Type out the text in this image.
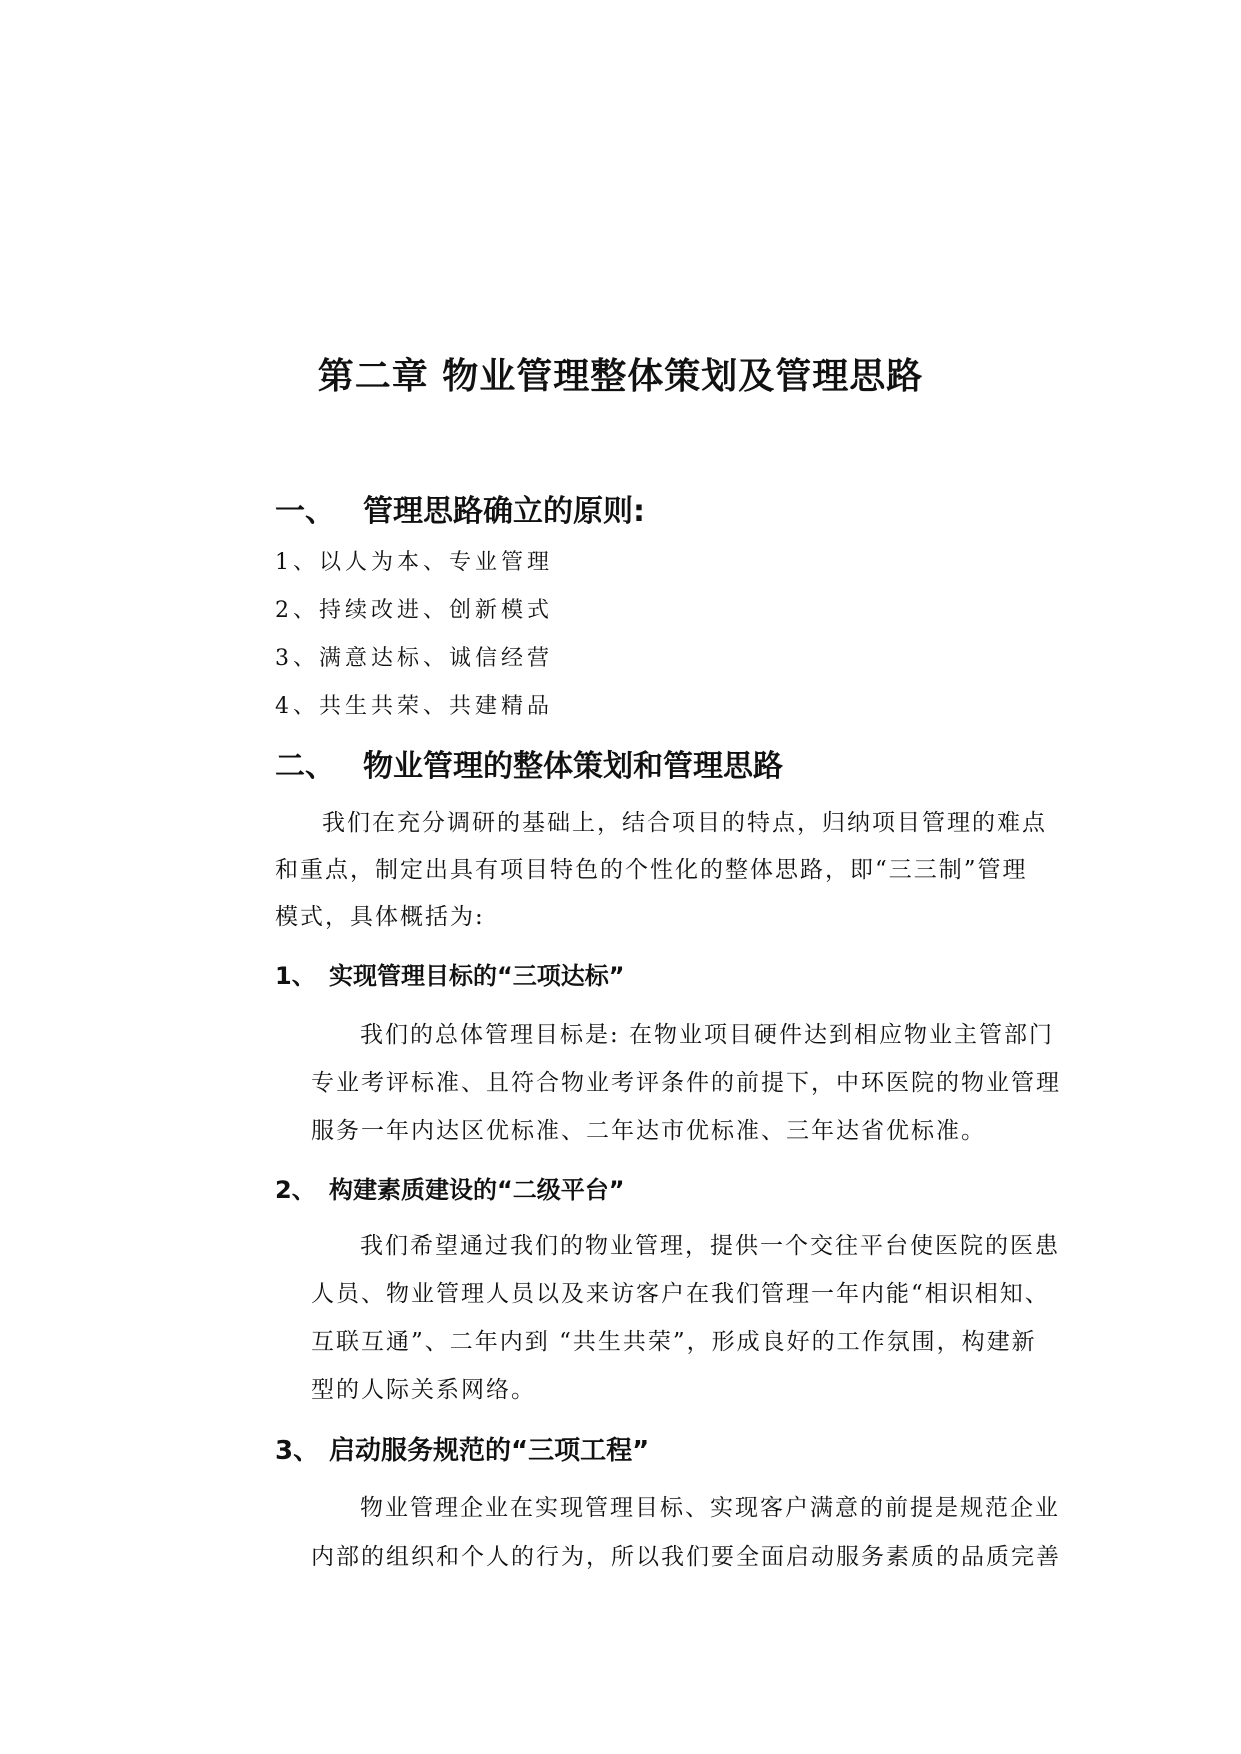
第二章 物业管理整体策划及管理思路
一、 管理思路确立的原则:
1、以人为本、专业管理
2、持续改进、创新模式
3、满意达标、诚信经营
4、共生共荣、共建精品
二、 物业管理的整体策划和管理思路
我们在充分调研的基础上，结合项目的特点，归纳项目管理的难点
和重点，制定出具有项目特色的个性化的整体思路，即“三三制”管理
模式，具体概括为:
1、 实现管理目标的“三项达标”
我们的总体管理目标是: 在物业项目硬件达到相应物业主管部门
专业考评标准、且符合物业考评条件的前提下，中环医院的物业管理
服务一年内达区优标准、二年达市优标准、三年达省优标准。
2、 构建素质建设的“二级平台”
我们希望通过我们的物业管理，提供一个交往平台使医院的医患
人员、物业管理人员以及来访客户在我们管理一年内能“相识相知、
互联互通”、二年内到 “共生共荣”，形成良好的工作氛围，构建新
型的人际关系网络。
3、 启动服务规范的“三项工程”
物业管理企业在实现管理目标、实现客户满意的前提是规范企业
内部的组织和个人的行为，所以我们要全面启动服务素质的品质完善
